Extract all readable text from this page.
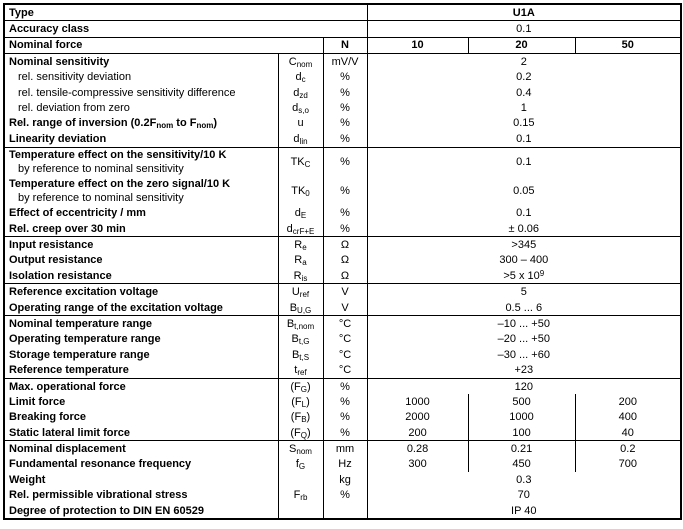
Type			U1A		
Accuracy class			0.1		
Nominal force		N	10	20	50
Nominal sensitivity	$C_{nom}$	mV/V	2		
rel. sensitivity deviation	$d_c$	%	0.2		
rel. tensile-compressive sensitivity difference	$d_{zd}$	%	0.4		
rel. deviation from zero	$d_{s,o}$	%	1		
Rel. range of inversion ($0.2F_{nom}$ to $F_{nom}$)	u	%	0.15		
Linearity deviation	$d_{lin}$	%	0.1		

Temperature effect on the sensitivity/10 K
by reference to nominal sensitivity	$TK_C$	%	0.1		

Temperature effect on the zero signal/10 K
by reference to nominal sensitivity	$TK_0$	%	0.05		
Effect of eccentricity / mm	$d_E$	%	0.1		
Rel. creep over 30 min	$d_{crF+E}$	%	± 0.06		
Input resistance	$R_e$	Ω	>345		
Output resistance	$R_a$	Ω	300 – 400		
Isolation resistance	$R_{is}$	Ω	>5 x $10^9$
Reference excitation voltage	$U_{ref}$	V	5		
Operating range of the excitation voltage	$B_{U,G}$	V	0.5 ... 6		
Nominal temperature range	$B_{t,nom}$	°C	–10 ... +50		
Operating temperature range	$B_{t,G}$	°C	–20 ... +50		
Storage temperature range	$B_{t,S}$	°C	–30 ... +60		
Reference temperature	$t_{ref}$	°C	+23		
Max. operational force	$(F_G)$	%	120		
Limit force	$(F_L)$	%	1000	500	200
Breaking force	$(F_B)$	%	2000	1000	400
Static lateral limit force	$(F_Q)$	%	200	100	40
Nominal displacement	$S_{nom}$	mm	0.28	0.21	0.2
Fundamental resonance frequency	$f_G$	Hz	300	450	700
Weight		kg	0.3		
Rel. permissible vibrational stress	$F_{rb}$	%	70		
Degree of protection to DIN EN 60529			IP 40		
